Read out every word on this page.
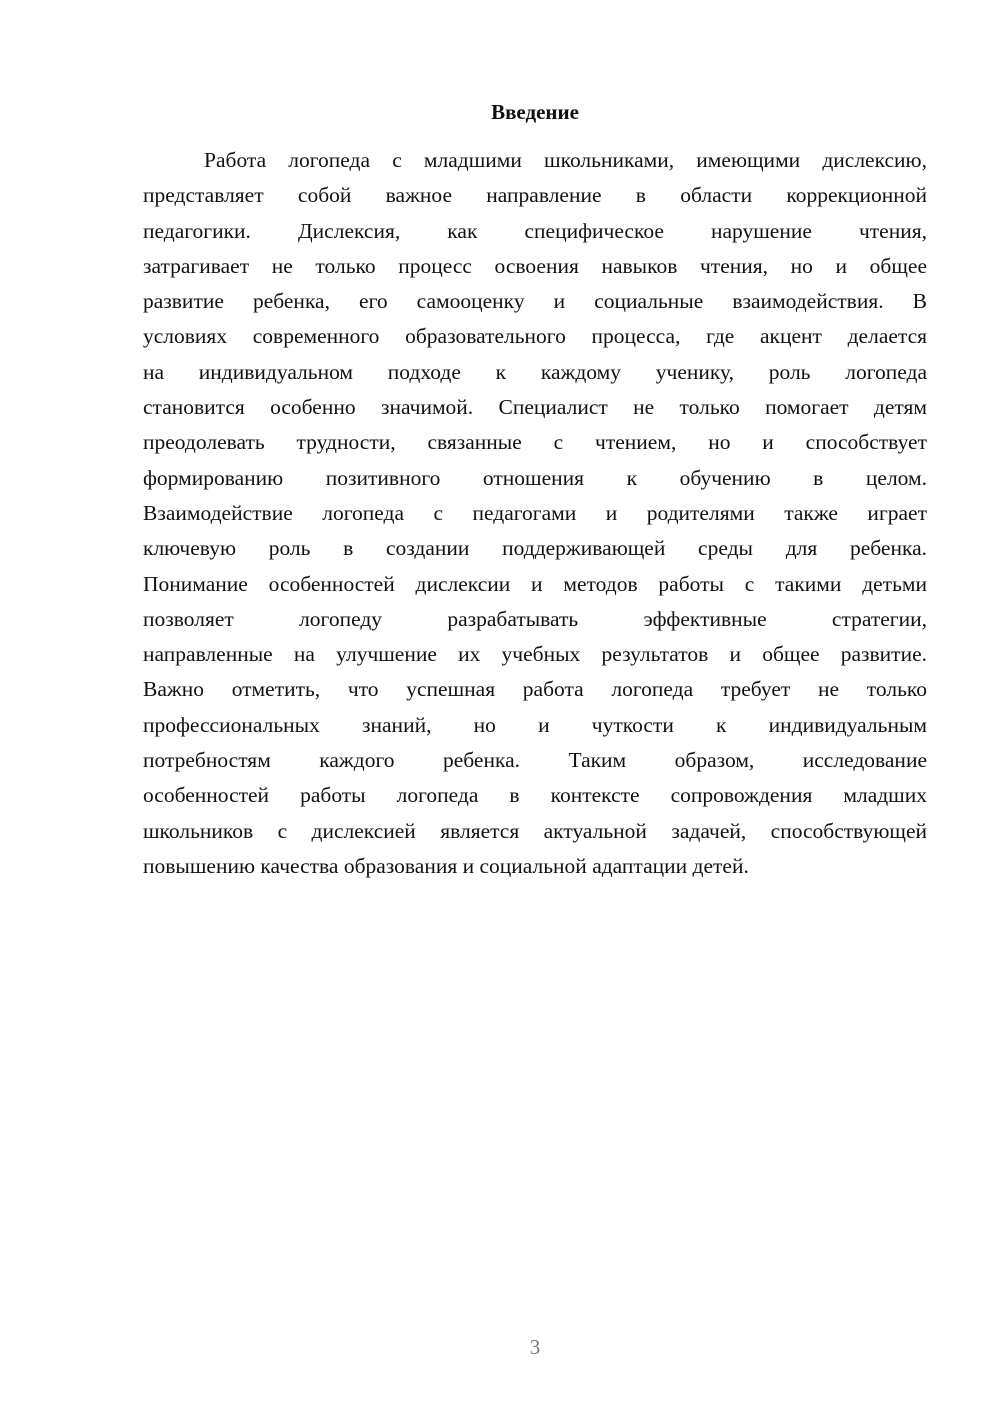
Введение
Работа логопеда с младшими школьниками, имеющими дислексию,
представляет собой важное направление в области коррекционной
педагогики. Дислексия, как специфическое нарушение чтения,
затрагивает не только процесс освоения навыков чтения, но и общее
развитие ребенка, его самооценку и социальные взаимодействия. В
условиях современного образовательного процесса, где акцент делается
на индивидуальном подходе к каждому ученику, роль логопеда
становится особенно значимой. Специалист не только помогает детям
преодолевать трудности, связанные с чтением, но и способствует
формированию позитивного отношения к обучению в целом.
Взаимодействие логопеда с педагогами и родителями также играет
ключевую роль в создании поддерживающей среды для ребенка.
Понимание особенностей дислексии и методов работы с такими детьми
позволяет логопеду разрабатывать эффективные стратегии,
направленные на улучшение их учебных результатов и общее развитие.
Важно отметить, что успешная работа логопеда требует не только
профессиональных знаний, но и чуткости к индивидуальным
потребностям каждого ребенка. Таким образом, исследование
особенностей работы логопеда в контексте сопровождения младших
школьников с дислексией является актуальной задачей, способствующей
повышению качества образования и социальной адаптации детей.
3
